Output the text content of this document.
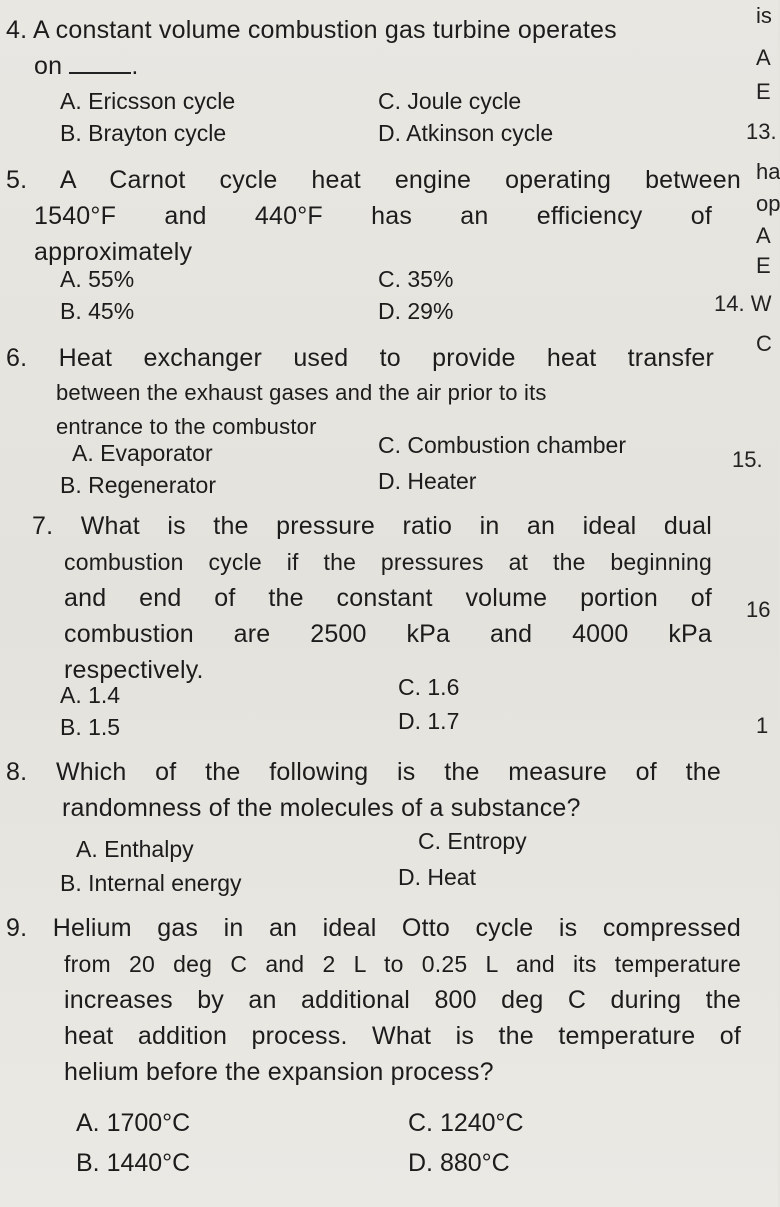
4. A constant volume combustion gas turbine operates
on	.
A. Ericsson cycle	C. Joule cycle
B. Brayton cycle	D. Atkinson cycle
5. A Carnot cycle heat engine operating between
1540°F and 440°F has an efficiency of
approximately
A. 55%	C. 35%
B. 45%	D. 29%
6. Heat exchanger used to provide heat transfer
between the exhaust gases and the air prior to its
entrance to the combustor
A. Evaporator	C. Combustion chamber
B. Regenerator	D. Heater
7. What is the pressure ratio in an ideal dual
combustion cycle if the pressures at the beginning
and end of the constant volume portion of
combustion are 2500 kPa and 4000 kPa
respectively.
A. 1.4	C. 1.6
B. 1.5	D. 1.7
8. Which of the following is the measure of the
randomness of the molecules of a substance?
A. Enthalpy	C. Entropy
B. Internal energy	D. Heat
9. Helium gas in an ideal Otto cycle is compressed
from 20 deg C and 2 L to 0.25 L and its temperature
increases by an additional 800 deg C during the
heat addition process. What is the temperature of
helium before the expansion process?
A. 1700°C	C. 1240°C
B. 1440°C	D. 880°C
is
A
E
13.
ha
op
A
E
14. W
C
15.
16
1
